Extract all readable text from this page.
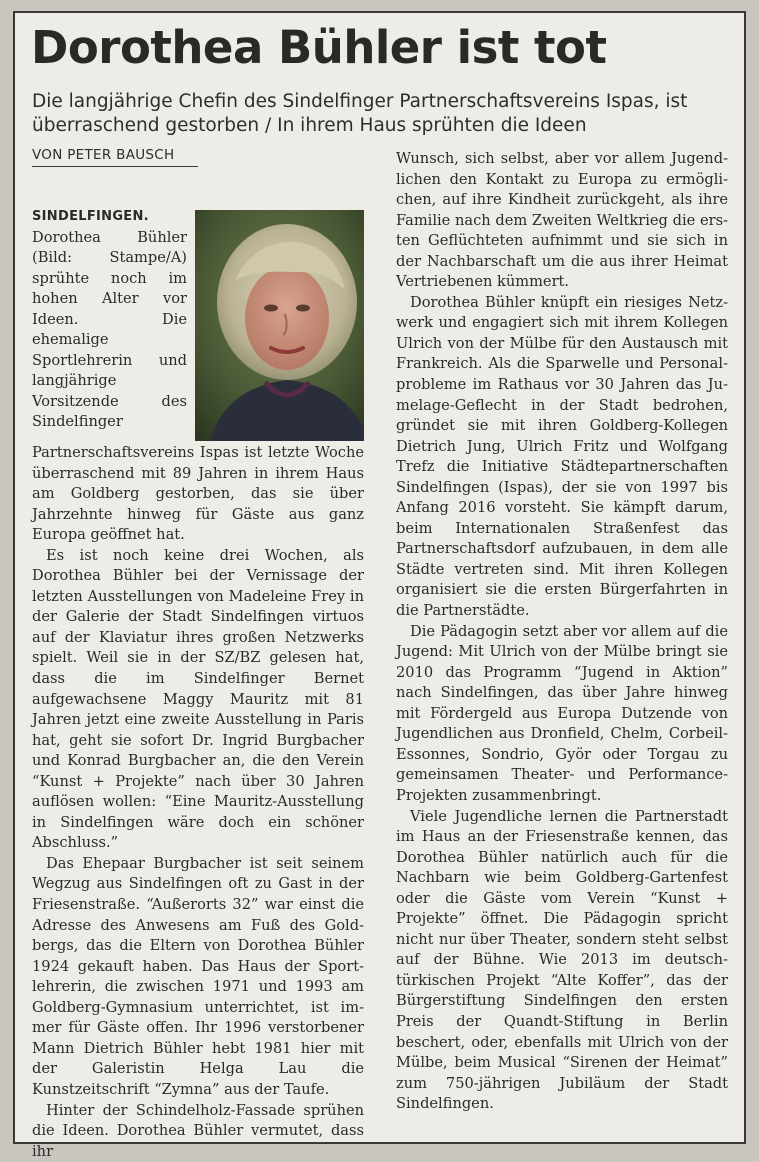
Dorothea Bühler ist tot

Die langjährige Chefin des Sindelfinger Partnerschaftsvereins Ispas, ist überraschend gestorben / In ihrem Haus sprühten die Ideen

VON PETER BAUSCH

SINDELFINGEN.
Dorothea Bühler (Bild: Stampe/A) sprühte noch im hohen Alter vor Ideen. Die ehemalige Sportlehrerin und langjährige Vorsitzende des Sindelfinger Partnerschaftsvereins Ispas ist letzte Woche überraschend mit 89 Jahren in ihrem Haus am Goldberg gestorben, das sie über Jahrzehnte hinweg für Gäste aus ganz Europa geöffnet hat.

Es ist noch keine drei Wochen, als Dorothea Bühler bei der Vernissage der letzten Ausstellungen von Madeleine Frey in der Galerie der Stadt Sindelfingen virtuos auf der Klaviatur ihres großen Netzwerks spielt. Weil sie in der SZ/BZ gelesen hat, dass die im Sindelfinger Bernet aufgewachsene Maggy Mauritz mit 81 Jahren jetzt eine zweite Ausstellung in Paris hat, geht sie sofort Dr. Ingrid Burgbacher und Konrad Burgbacher an, die den Verein “Kunst + Projekte” nach über 30 Jahren auflösen wollen: “Eine Mauritz-Ausstellung in Sindelfingen wäre doch ein schöner Abschluss.”

Das Ehepaar Burgbacher ist seit seinem Wegzug aus Sindelfingen oft zu Gast in der Friesenstraße. “Außerorts 32” war einst die Adresse des Anwesens am Fuß des Goldbergs, das die Eltern von Dorothea Bühler 1924 gekauft haben. Das Haus der Sportlehrerin, die zwischen 1971 und 1993 am Goldberg-Gymnasium unterrichtet, ist immer für Gäste offen. Ihr 1996 verstorbener Mann Dietrich Bühler hebt 1981 hier mit der Galeristin Helga Lau die Kunstzeitschrift “Zymna” aus der Taufe.

Hinter der Schindelholz-Fassade sprühen die Ideen. Dorothea Bühler vermutet, dass ihr

Wunsch, sich selbst, aber vor allem Jugendlichen den Kontakt zu Europa zu ermöglichen, auf ihre Kindheit zurückgeht, als ihre Familie nach dem Zweiten Weltkrieg die ersten Geflüchteten aufnimmt und sie sich in der Nachbarschaft um die aus ihrer Heimat Vertriebenen kümmert.

Dorothea Bühler knüpft ein riesiges Netzwerk und engagiert sich mit ihrem Kollegen Ulrich von der Mülbe für den Austausch mit Frankreich. Als die Sparwelle und Personalprobleme im Rathaus vor 30 Jahren das Jumelage-Geflecht in der Stadt bedrohen, gründet sie mit ihren Goldberg-Kollegen Dietrich Jung, Ulrich Fritz und Wolfgang Trefz die Initiative Städtepartnerschaften Sindelfingen (Ispas), der sie von 1997 bis Anfang 2016 vorsteht. Sie kämpft darum, beim Internationalen Straßenfest das Partnerschaftsdorf aufzubauen, in dem alle Städte vertreten sind. Mit ihren Kollegen organisiert sie die ersten Bürgerfahrten in die Partnerstädte.

Die Pädagogin setzt aber vor allem auf die Jugend: Mit Ulrich von der Mülbe bringt sie 2010 das Programm “Jugend in Aktion” nach Sindelfingen, das über Jahre hinweg mit Fördergeld aus Europa Dutzende von Jugendlichen aus Dronfield, Chelm, Corbeil-Essonnes, Sondrio, Györ oder Torgau zu gemeinsamen Theater- und Performance-Projekten zusammenbringt.

Viele Jugendliche lernen die Partnerstadt im Haus an der Friesenstraße kennen, das Dorothea Bühler natürlich auch für die Nachbarn wie beim Goldberg-Gartenfest oder die Gäste vom Verein “Kunst + Projekte” öffnet. Die Pädagogin spricht nicht nur über Theater, sondern steht selbst auf der Bühne. Wie 2013 im deutsch-türkischen Projekt “Alte Koffer”, das der Bürgerstiftung Sindelfingen den ersten Preis der Quandt-Stiftung in Berlin beschert, oder, ebenfalls mit Ulrich von der Mülbe, beim Musical “Sirenen der Heimat” zum 750-jährigen Jubiläum der Stadt Sindelfingen.
